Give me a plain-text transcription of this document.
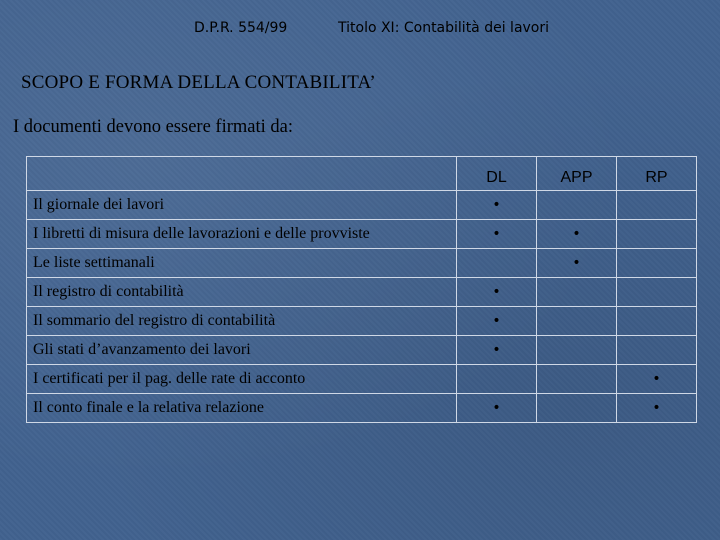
D.P.R. 554/99	Titolo XI: Contabilità dei lavori
SCOPO E FORMA DELLA CONTABILITA’
I documenti devono essere firmati da:
	DL	APP	RP
Il giornale dei lavori	•		
I libretti di misura delle lavorazioni e delle provviste	•	•	
Le liste settimanali		•	
Il registro di contabilità	•		
Il sommario del registro di contabilità	•		
Gli stati d’avanzamento dei lavori	•		
I certificati per il pag. delle rate di acconto			•
Il conto finale e la relativa relazione	•		•
